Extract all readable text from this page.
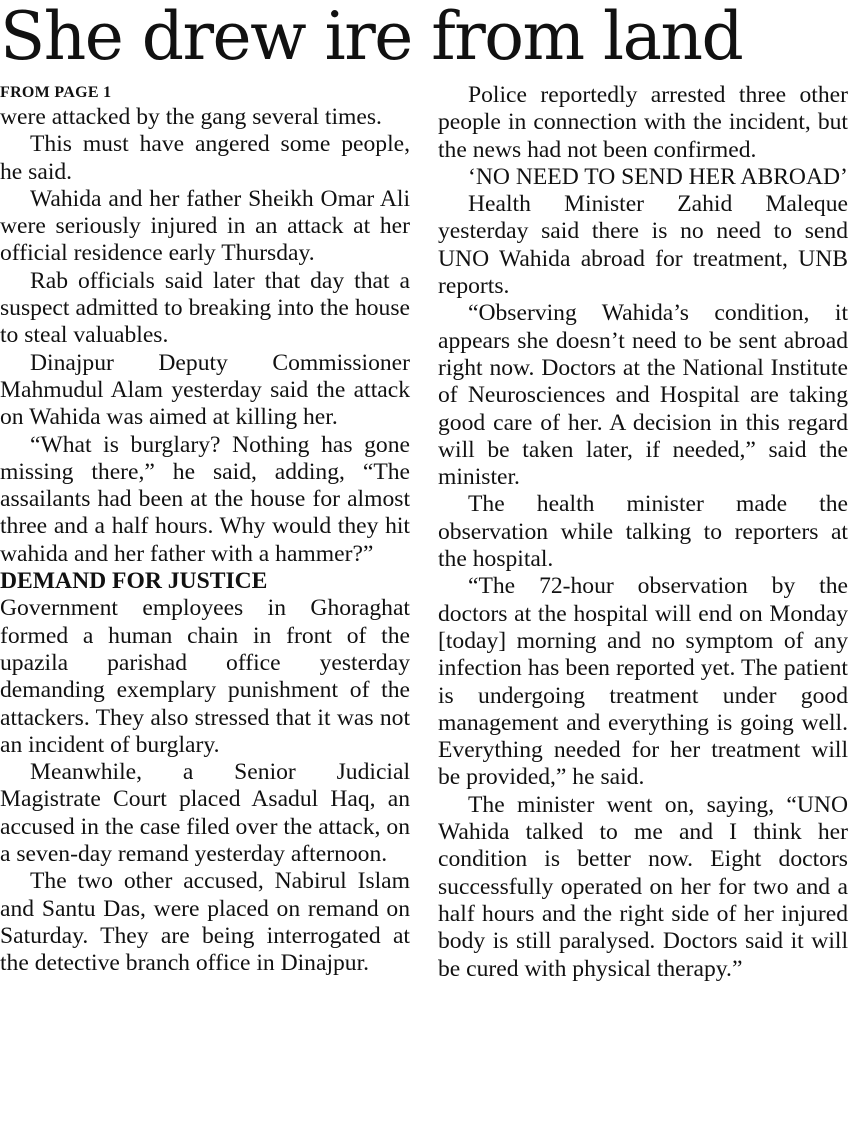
She drew ire from land
FROM PAGE 1

were attacked by the gang several times.

This must have angered some people, he said.

Wahida and her father Sheikh Omar Ali were seriously injured in an attack at her official residence early Thursday.

Rab officials said later that day that a suspect admitted to breaking into the house to steal valuables.

Dinajpur Deputy Commissioner Mahmudul Alam yesterday said the attack on Wahida was aimed at killing her.

“What is burglary? Nothing has gone missing there,” he said, adding, “The assailants had been at the house for almost three and a half hours. Why would they hit wahida and her father with a hammer?”

DEMAND FOR JUSTICE

Government employees in Ghoraghat formed a human chain in front of the upazila parishad office yesterday demanding exemplary punishment of the attackers. They also stressed that it was not an incident of burglary.

Meanwhile, a Senior Judicial Magistrate Court placed Asadul Haq, an accused in the case filed over the attack, on a seven-day remand yesterday afternoon.

The two other accused, Nabirul Islam and Santu Das, were placed on remand on Saturday. They are being interrogated at the detective branch office in Dinajpur.

Police reportedly arrested three other people in connection with the incident, but the news had not been confirmed.

‘NO NEED TO SEND HER ABROAD’

Health Minister Zahid Maleque yesterday said there is no need to send UNO Wahida abroad for treatment, UNB reports.

“Observing Wahida’s condition, it appears she doesn’t need to be sent abroad right now. Doctors at the National Institute of Neurosciences and Hospital are taking good care of her. A decision in this regard will be taken later, if needed,” said the minister.

The health minister made the observation while talking to reporters at the hospital.

“The 72-hour observation by the doctors at the hospital will end on Monday [today] morning and no symptom of any infection has been reported yet. The patient is undergoing treatment under good management and everything is going well. Everything needed for her treatment will be provided,” he said.

The minister went on, saying, “UNO Wahida talked to me and I think her condition is better now. Eight doctors successfully operated on her for two and a half hours and the right side of her injured body is still paralysed. Doctors said it will be cured with physical therapy.”
